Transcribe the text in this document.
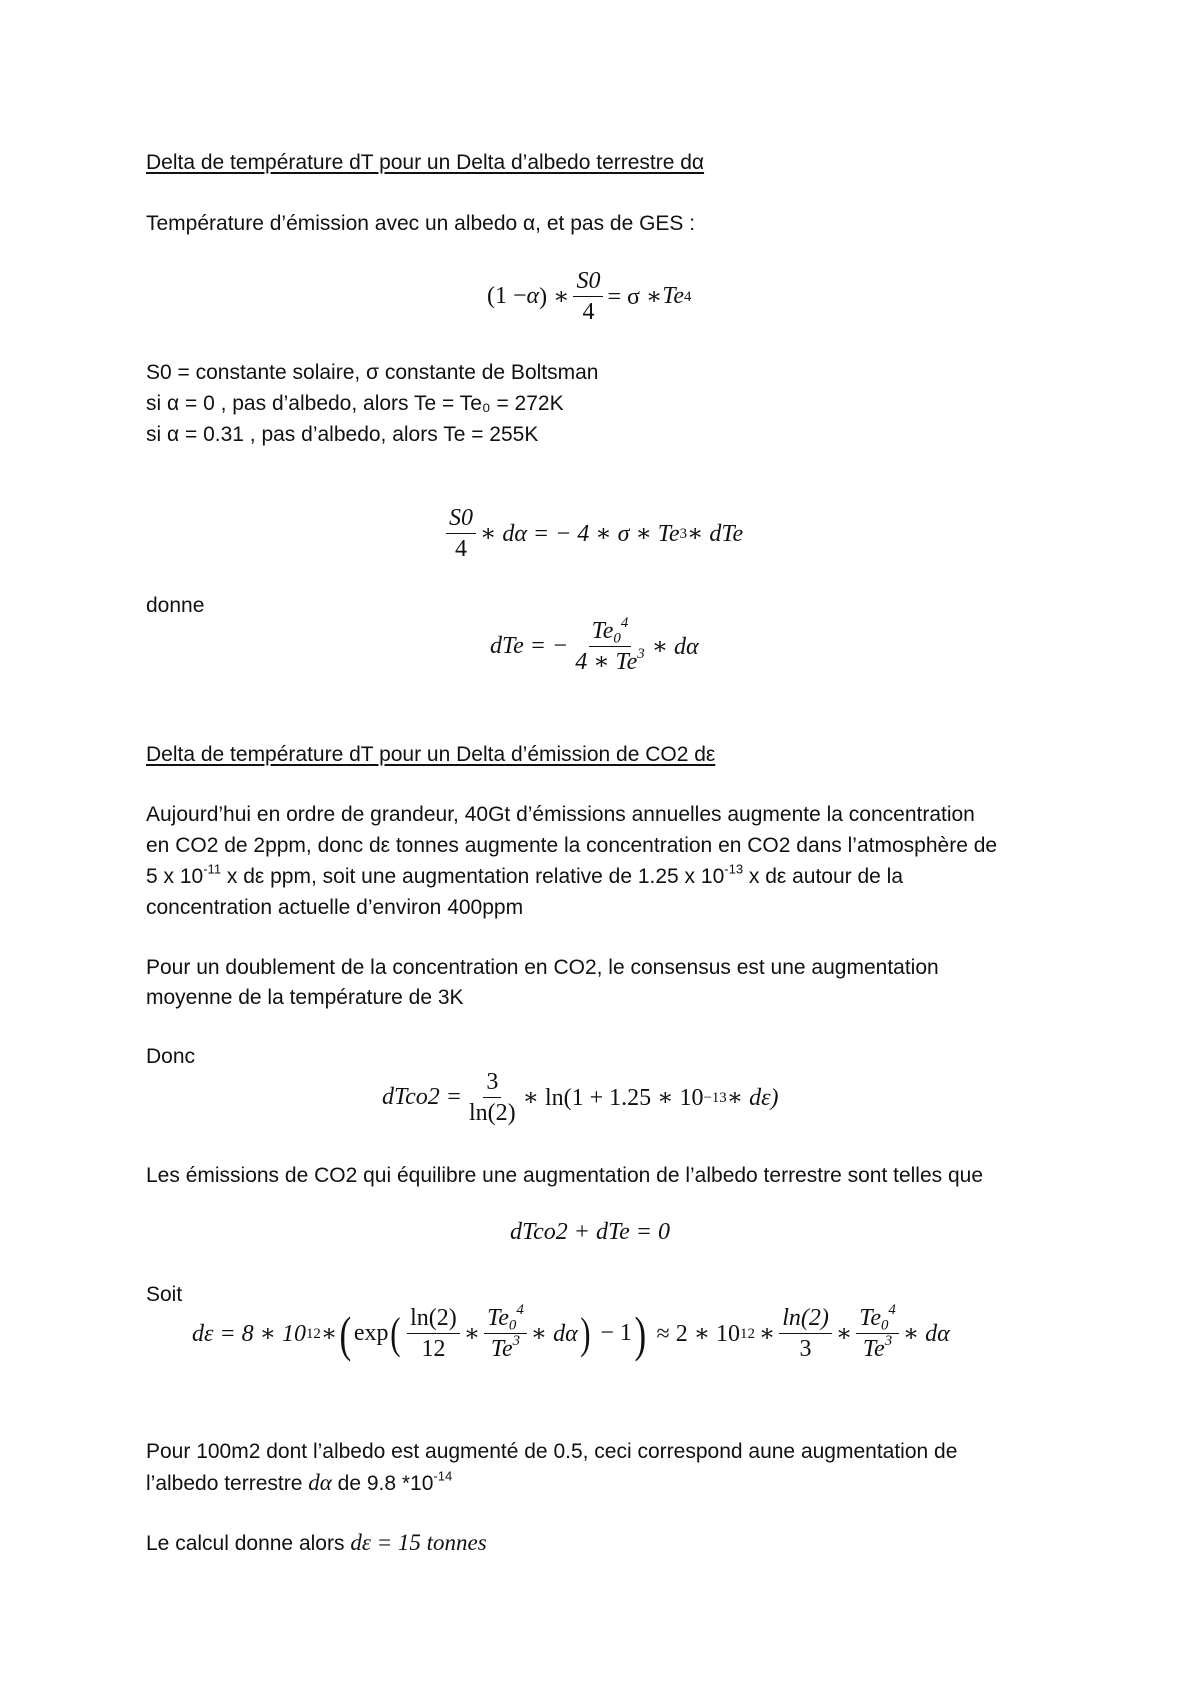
Delta de température dT pour un Delta d’albedo terrestre dα
Température d’émission avec un albedo α, et pas de GES :
(1 − α ) ∗ $\frac{S0}{4} = \sigma$ ∗ Te 4
S0 = constante solaire, σ constante de Boltsman
si α = 0 , pas d’albedo, alors Te = Te₀ = 272K
si α = 0.31 , pas d’albedo, alors Te = 255K
$\frac{S0}{4}$ ∗ dα = − 4 ∗ σ ∗ Te 3 ∗ dTe
donne
dTe = − $\frac{Te_0^4}{4 ∗ Te^3}$ ∗ dα
Delta de température dT pour un Delta d’émission de CO2 dε
Aujourd’hui en ordre de grandeur, 40Gt d’émissions annuelles augmente la concentration
en CO2 de 2ppm, donc dε tonnes augmente la concentration en CO2 dans l’atmosphère de
5 x $10^{-11}$ x dε ppm, soit une augmentation relative de 1.25 x $10^{-13}$ x dε autour de la
concentration actuelle d’environ 400ppm
Pour un doublement de la concentration en CO2, le consensus est une augmentation
moyenne de la température de 3K
Donc
dTco2 = $\frac{3}{\ln(2)}$ ∗ ln(1 + 1.25 ∗ 10 −13 ∗ dε)
Les émissions de CO2 qui équilibre une augmentation de l’albedo terrestre sont telles que
dTco2 + dTe = 0
Soit
dε = 8 ∗ 10 12 ∗ ( exp ( $\frac{\ln(2)}{12}$ ∗ $\frac{Te_0^4}{Te^3}$ ∗ dα ) − 1 ) ≈ 2 ∗ 10 12 ∗ $\frac{\ln(2)}{3}$ ∗ $\frac{Te_0^4}{Te^3}$ ∗ dα
Pour 100m2 dont l’albedo est augmenté de 0.5, ceci correspond aune augmentation de
l’albedo terrestre dα de 9.8 $*10^{-14}$
Le calcul donne alors dε = 15 tonnes
